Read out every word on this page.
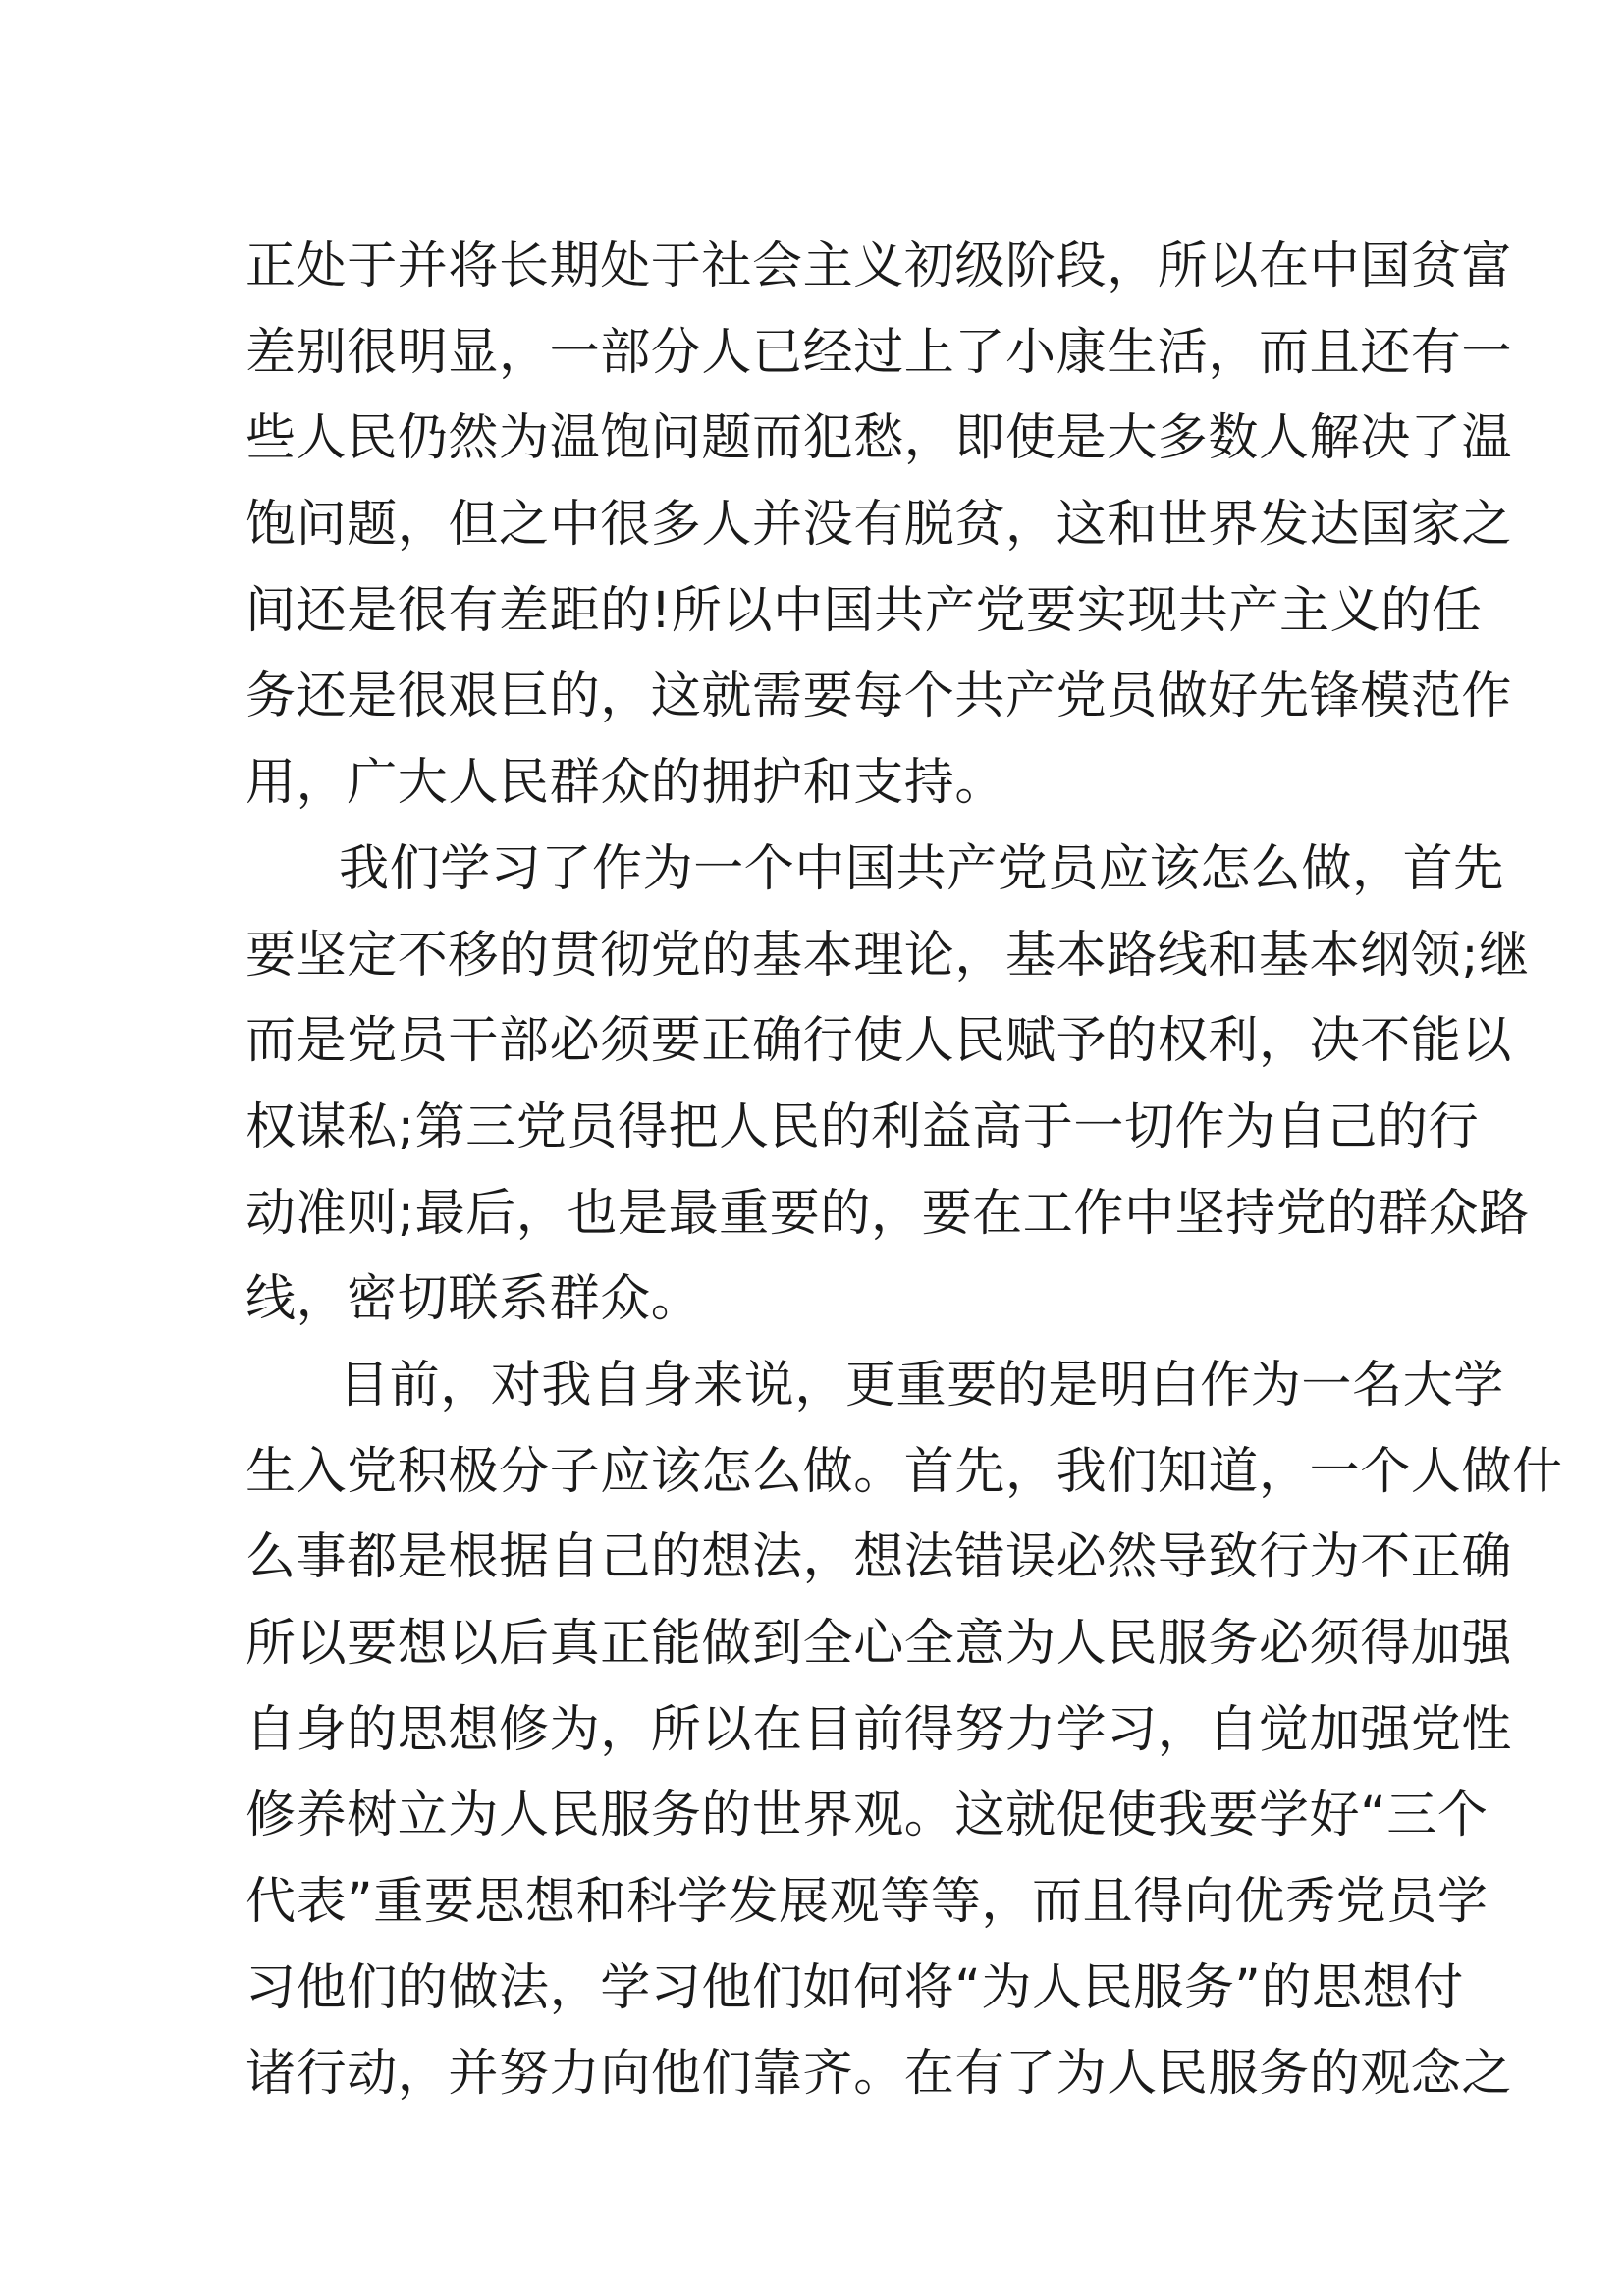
正处于并将长期处于社会主义初级阶段，所以在中国贫富
差别很明显，一部分人已经过上了小康生活，而且还有一
些人民仍然为温饱问题而犯愁，即使是大多数人解决了温
饱问题，但之中很多人并没有脱贫，这和世界发达国家之
间还是很有差距的!所以中国共产党要实现共产主义的任
务还是很艰巨的，这就需要每个共产党员做好先锋模范作
用，广大人民群众的拥护和支持。
我们学习了作为一个中国共产党员应该怎么做，首先
要坚定不移的贯彻党的基本理论，基本路线和基本纲领;继
而是党员干部必须要正确行使人民赋予的权利，决不能以
权谋私;第三党员得把人民的利益高于一切作为自己的行
动准则;最后，也是最重要的，要在工作中坚持党的群众路
线，密切联系群众。
目前，对我自身来说，更重要的是明白作为一名大学
生入党积极分子应该怎么做。首先，我们知道，一个人做什
么事都是根据自己的想法，想法错误必然导致行为不正确
所以要想以后真正能做到全心全意为人民服务必须得加强
自身的思想修为，所以在目前得努力学习，自觉加强党性
修养树立为人民服务的世界观。这就促使我要学好“三个
代表”重要思想和科学发展观等等，而且得向优秀党员学
习他们的做法，学习他们如何将“为人民服务”的思想付
诸行动，并努力向他们靠齐。在有了为人民服务的观念之
